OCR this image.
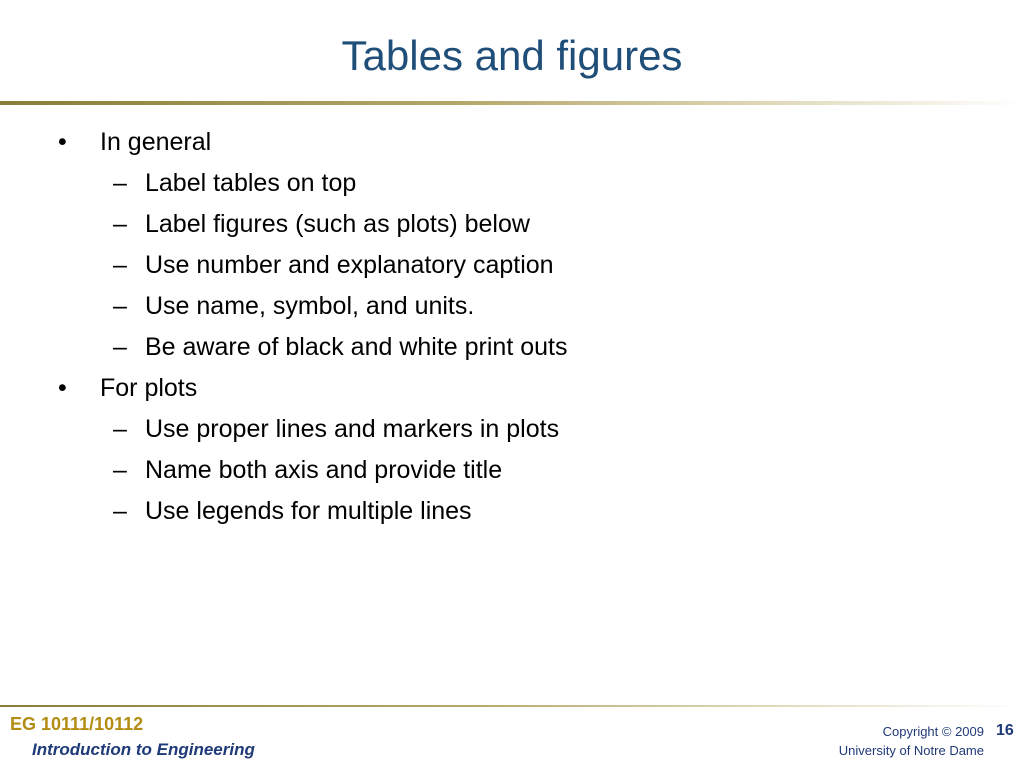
Tables and figures
• In general
– Label tables on top
– Label figures (such as plots) below
– Use number and explanatory caption
– Use name, symbol, and units.
– Be aware of black and white print outs
• For plots
– Use proper lines and markers in plots
– Name both axis and provide title
– Use legends for multiple lines
EG 10111/10112
Introduction to Engineering
Copyright © 2009
University of Notre Dame
16
